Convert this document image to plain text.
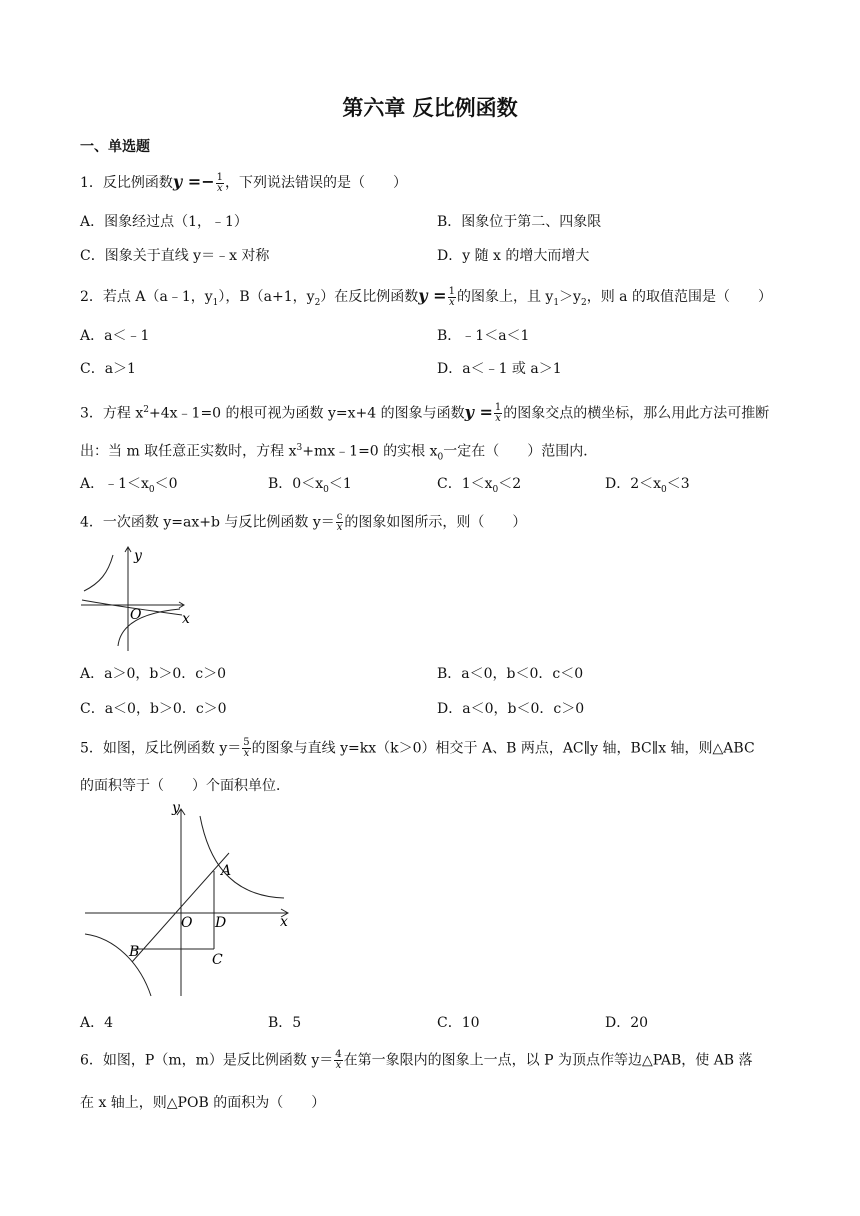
第六章 反比例函数
一、单选题
1．反比例函数$y =- \frac{1}{x}$ ，下列说法错误的是（　　）
A．图象经过点（1，﹣1）	B．图象位于第二、四象限
C．图象关于直线 y＝﹣x 对称	D．y 随 x 的增大而增大
2．若点 A（a﹣1，$y_1$），B（a+1，$y_2$）在反比例函数$y = \frac{1}{x}$ 的图象上，且 $y_1>y_2$，则 a 的取值范围是（　　）
A．a＜﹣1	B．﹣1＜a＜1
C．a＞1	D．a＜﹣1 或 a＞1
3．方程 $x^2+4x﹣1=0$ 的根可视为函数 y=x+4 的图象与函数$y = \frac{1}{x}$ 的图象交点的横坐标，那么用此方法可推断
出：当 m 取任意正实数时，方程 $x^3+mx﹣1=0$ 的实根 $x_0$一定在（　　）范围内．
A．$﹣1<x_0<0$	B．$0<x_0<1$	C．$1<x_0<2$	D．$2<x_0<3$
4．一次函数 y=ax+b 与反比例函数 $y= \frac{c}{x}$ 的图象如图所示，则（　　）
y
O	x
A．a＞0，b＞0．c＞0	B．a＜0，b＜0．c＜0
C．a＜0，b＞0．c＞0	D．a＜0，b＜0．c＞0
5．如图，反比例函数 $y= \frac{5}{x}$ 的图象与直线 y=kx（k＞0）相交于 A、B 两点，AC∥y 轴，BC∥x 轴，则△ABC
的面积等于（　　）个面积单位．
y
A
O D	x
B	C
A．4	B．5	C．10	D．20
6．如图，P（m，m）是反比例函数 $y= \frac{4}{x}$ 在第一象限内的图象上一点，以 P 为顶点作等边△PAB，使 AB 落
在 x 轴上，则△POB 的面积为（　　）
